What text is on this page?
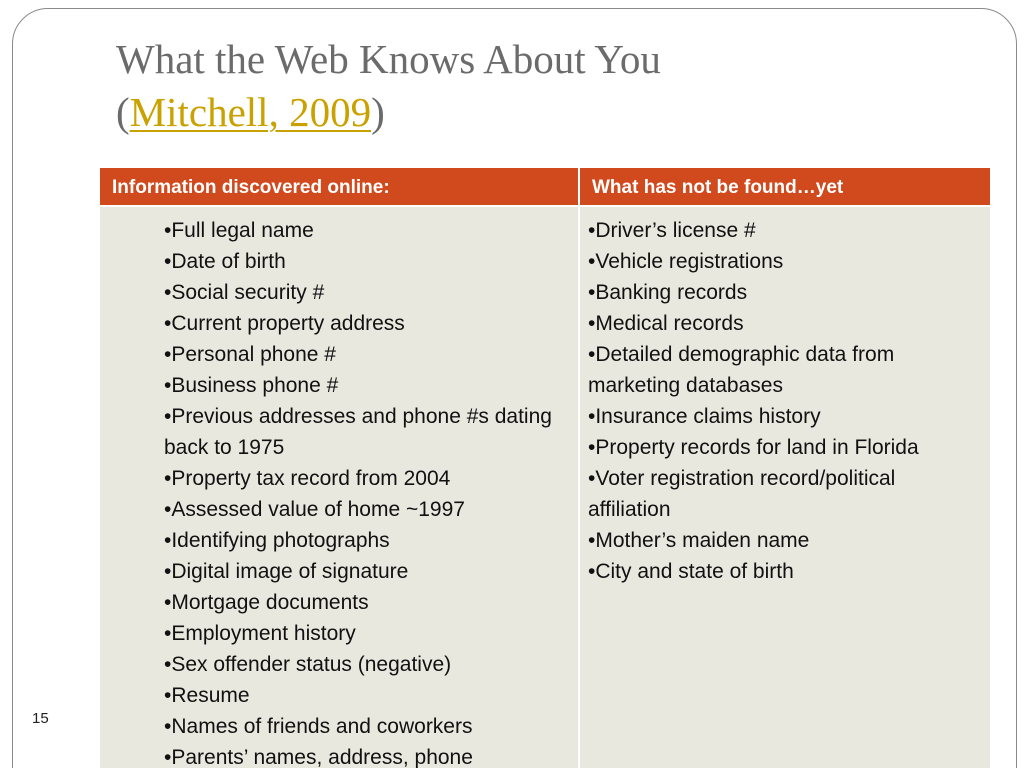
What the Web Knows About You
(Mitchell, 2009)
Information discovered online:	What has not be found…yet
•Full legal name
•Date of birth
•Social security #
•Current property address
•Personal phone #
•Business phone #
•Previous addresses and phone #s dating back to 1975
•Property tax record from 2004
•Assessed value of home ~1997
•Identifying photographs
•Digital image of signature
•Mortgage documents
•Employment history
•Sex offender status (negative)
•Resume
•Names of friends and coworkers
•Parents’ names, address, phone
•Driver’s license #
•Vehicle registrations
•Banking records
•Medical records
•Detailed demographic data from marketing databases
•Insurance claims history
•Property records for land in Florida
•Voter registration record/political affiliation
•Mother’s maiden name
•City and state of birth
15
